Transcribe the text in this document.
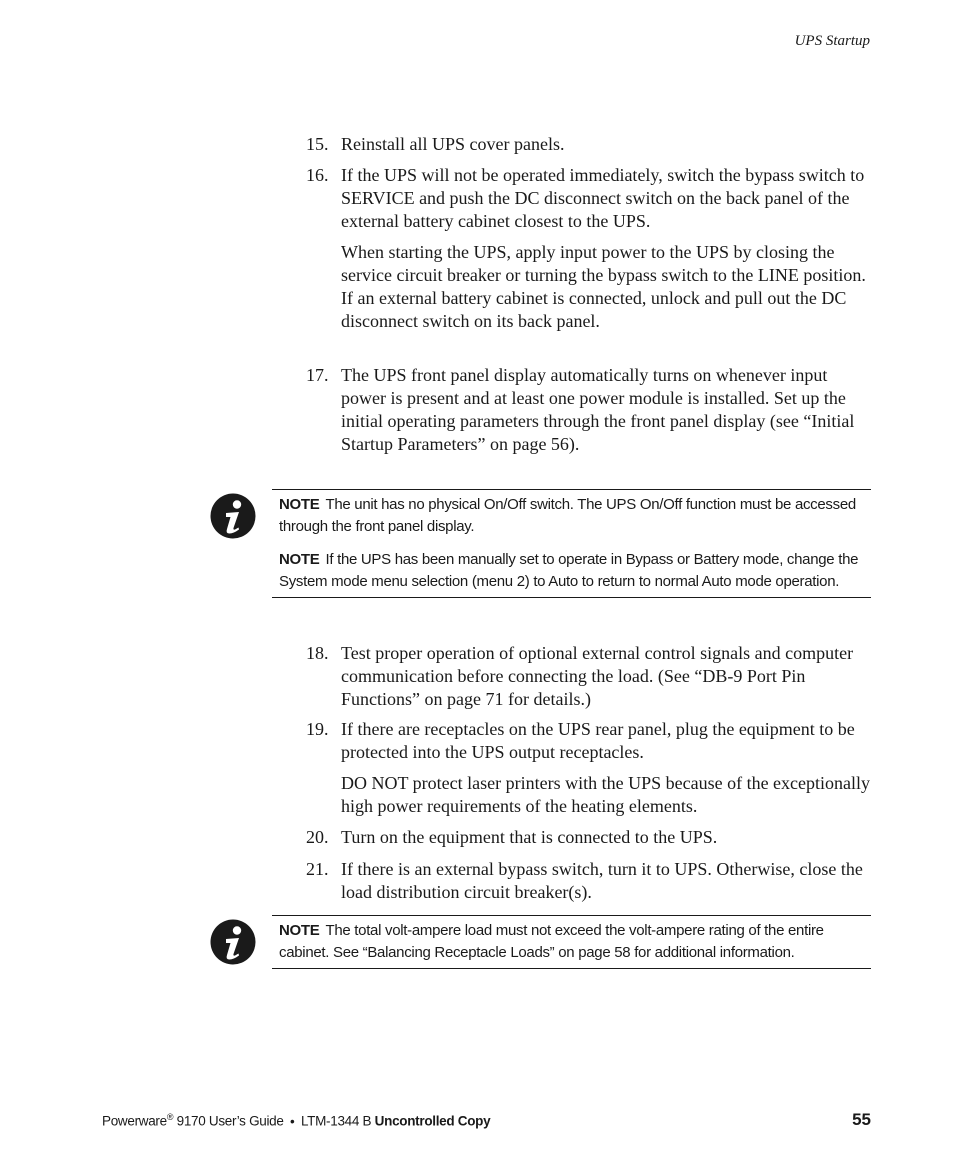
UPS Startup
15. Reinstall all UPS cover panels.

16. If the UPS will not be operated immediately, switch the bypass switch to SERVICE and push the DC disconnect switch on the back panel of the external battery cabinet closest to the UPS.

When starting the UPS, apply input power to the UPS by closing the service circuit breaker or turning the bypass switch to the LINE position. If an external battery cabinet is connected, unlock and pull out the DC disconnect switch on its back panel.

17. The UPS front panel display automatically turns on whenever input power is present and at least one power module is installed. Set up the initial operating parameters through the front panel display (see “Initial Startup Parameters” on page 56).

NOTE The unit has no physical On/Off switch. The UPS On/Off function must be accessed through the front panel display.

NOTE If the UPS has been manually set to operate in Bypass or Battery mode, change the System mode menu selection (menu 2) to Auto to return to normal Auto mode operation.

18. Test proper operation of optional external control signals and computer communication before connecting the load. (See “DB-9 Port Pin Functions” on page 71 for details.)

19. If there are receptacles on the UPS rear panel, plug the equipment to be protected into the UPS output receptacles.

DO NOT protect laser printers with the UPS because of the exceptionally high power requirements of the heating elements.

20. Turn on the equipment that is connected to the UPS.

21. If there is an external bypass switch, turn it to UPS. Otherwise, close the load distribution circuit breaker(s).

NOTE The total volt-ampere load must not exceed the volt-ampere rating of the entire cabinet. See “Balancing Receptacle Loads” on page 58 for additional information.

Powerware® 9170 User’s Guide • LTM-1344 B Uncontrolled Copy	55
